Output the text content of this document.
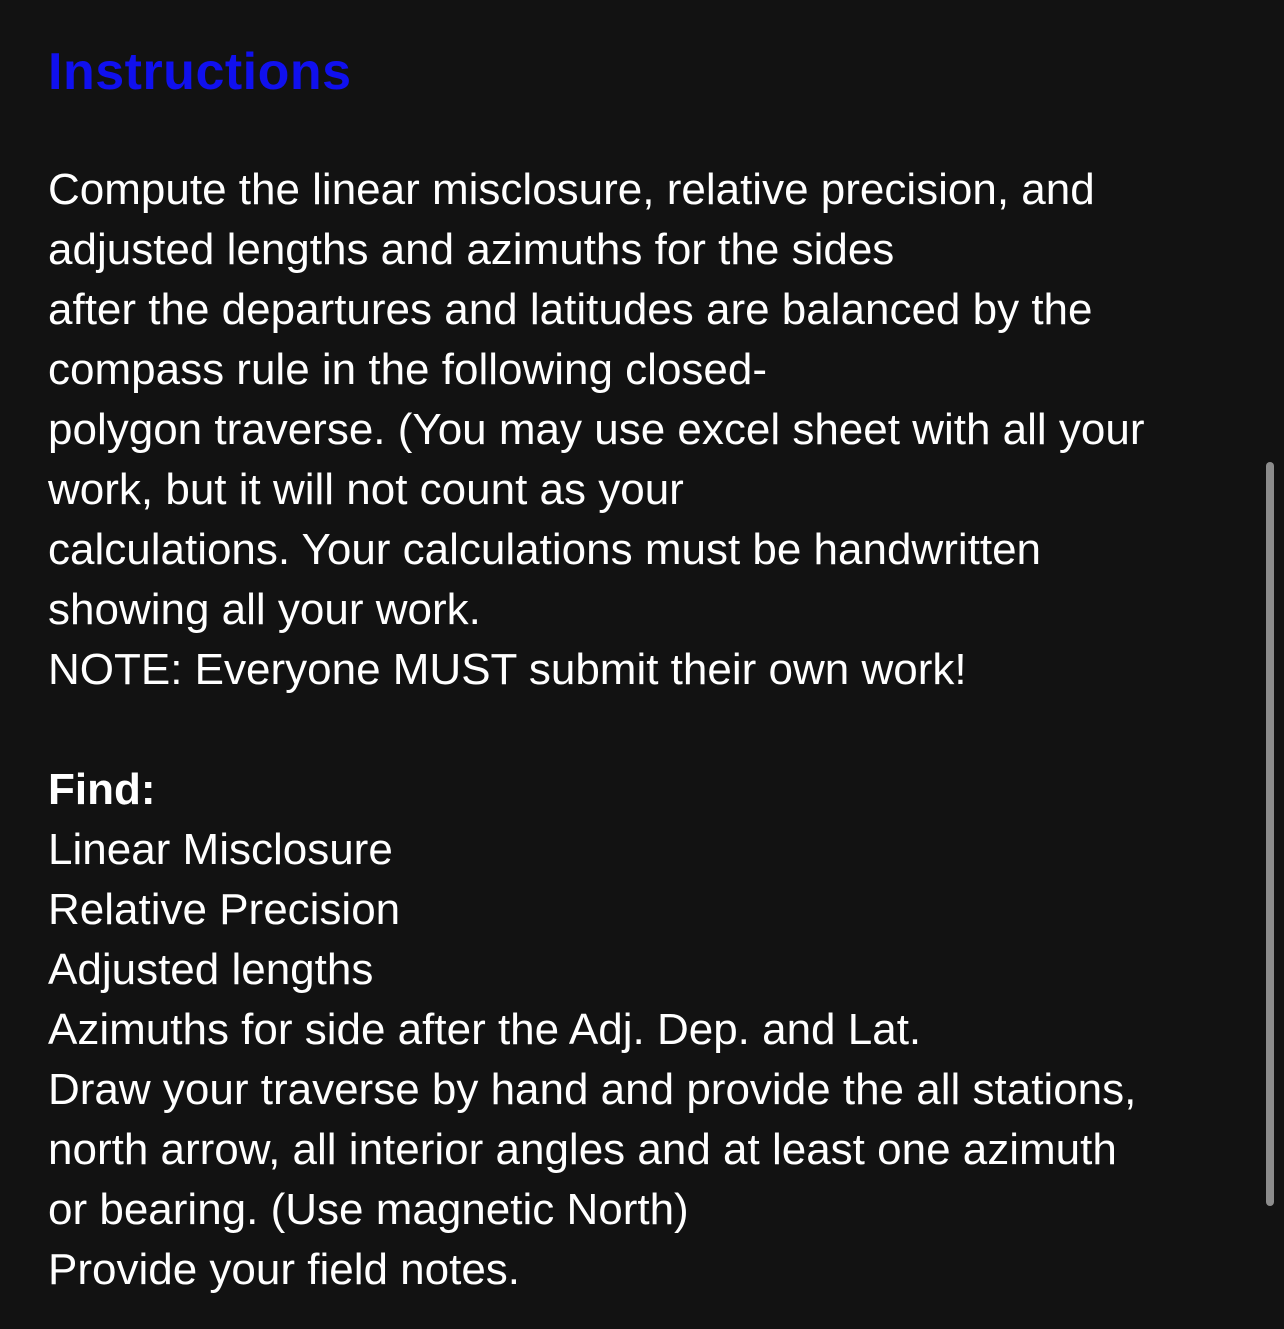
Instructions
Compute the linear misclosure, relative precision, and
adjusted lengths and azimuths for the sides
after the departures and latitudes are balanced by the
compass rule in the following closed-
polygon traverse. (You may use excel sheet with all your
work, but it will not count as your
calculations. Your calculations must be handwritten
showing all your work.
NOTE: Everyone MUST submit their own work!
Find:
Linear Misclosure
Relative Precision
Adjusted lengths
Azimuths for side after the Adj. Dep. and Lat.
Draw your traverse by hand and provide the all stations,
north arrow, all interior angles and at least one azimuth
or bearing. (Use magnetic North)
Provide your field notes.
